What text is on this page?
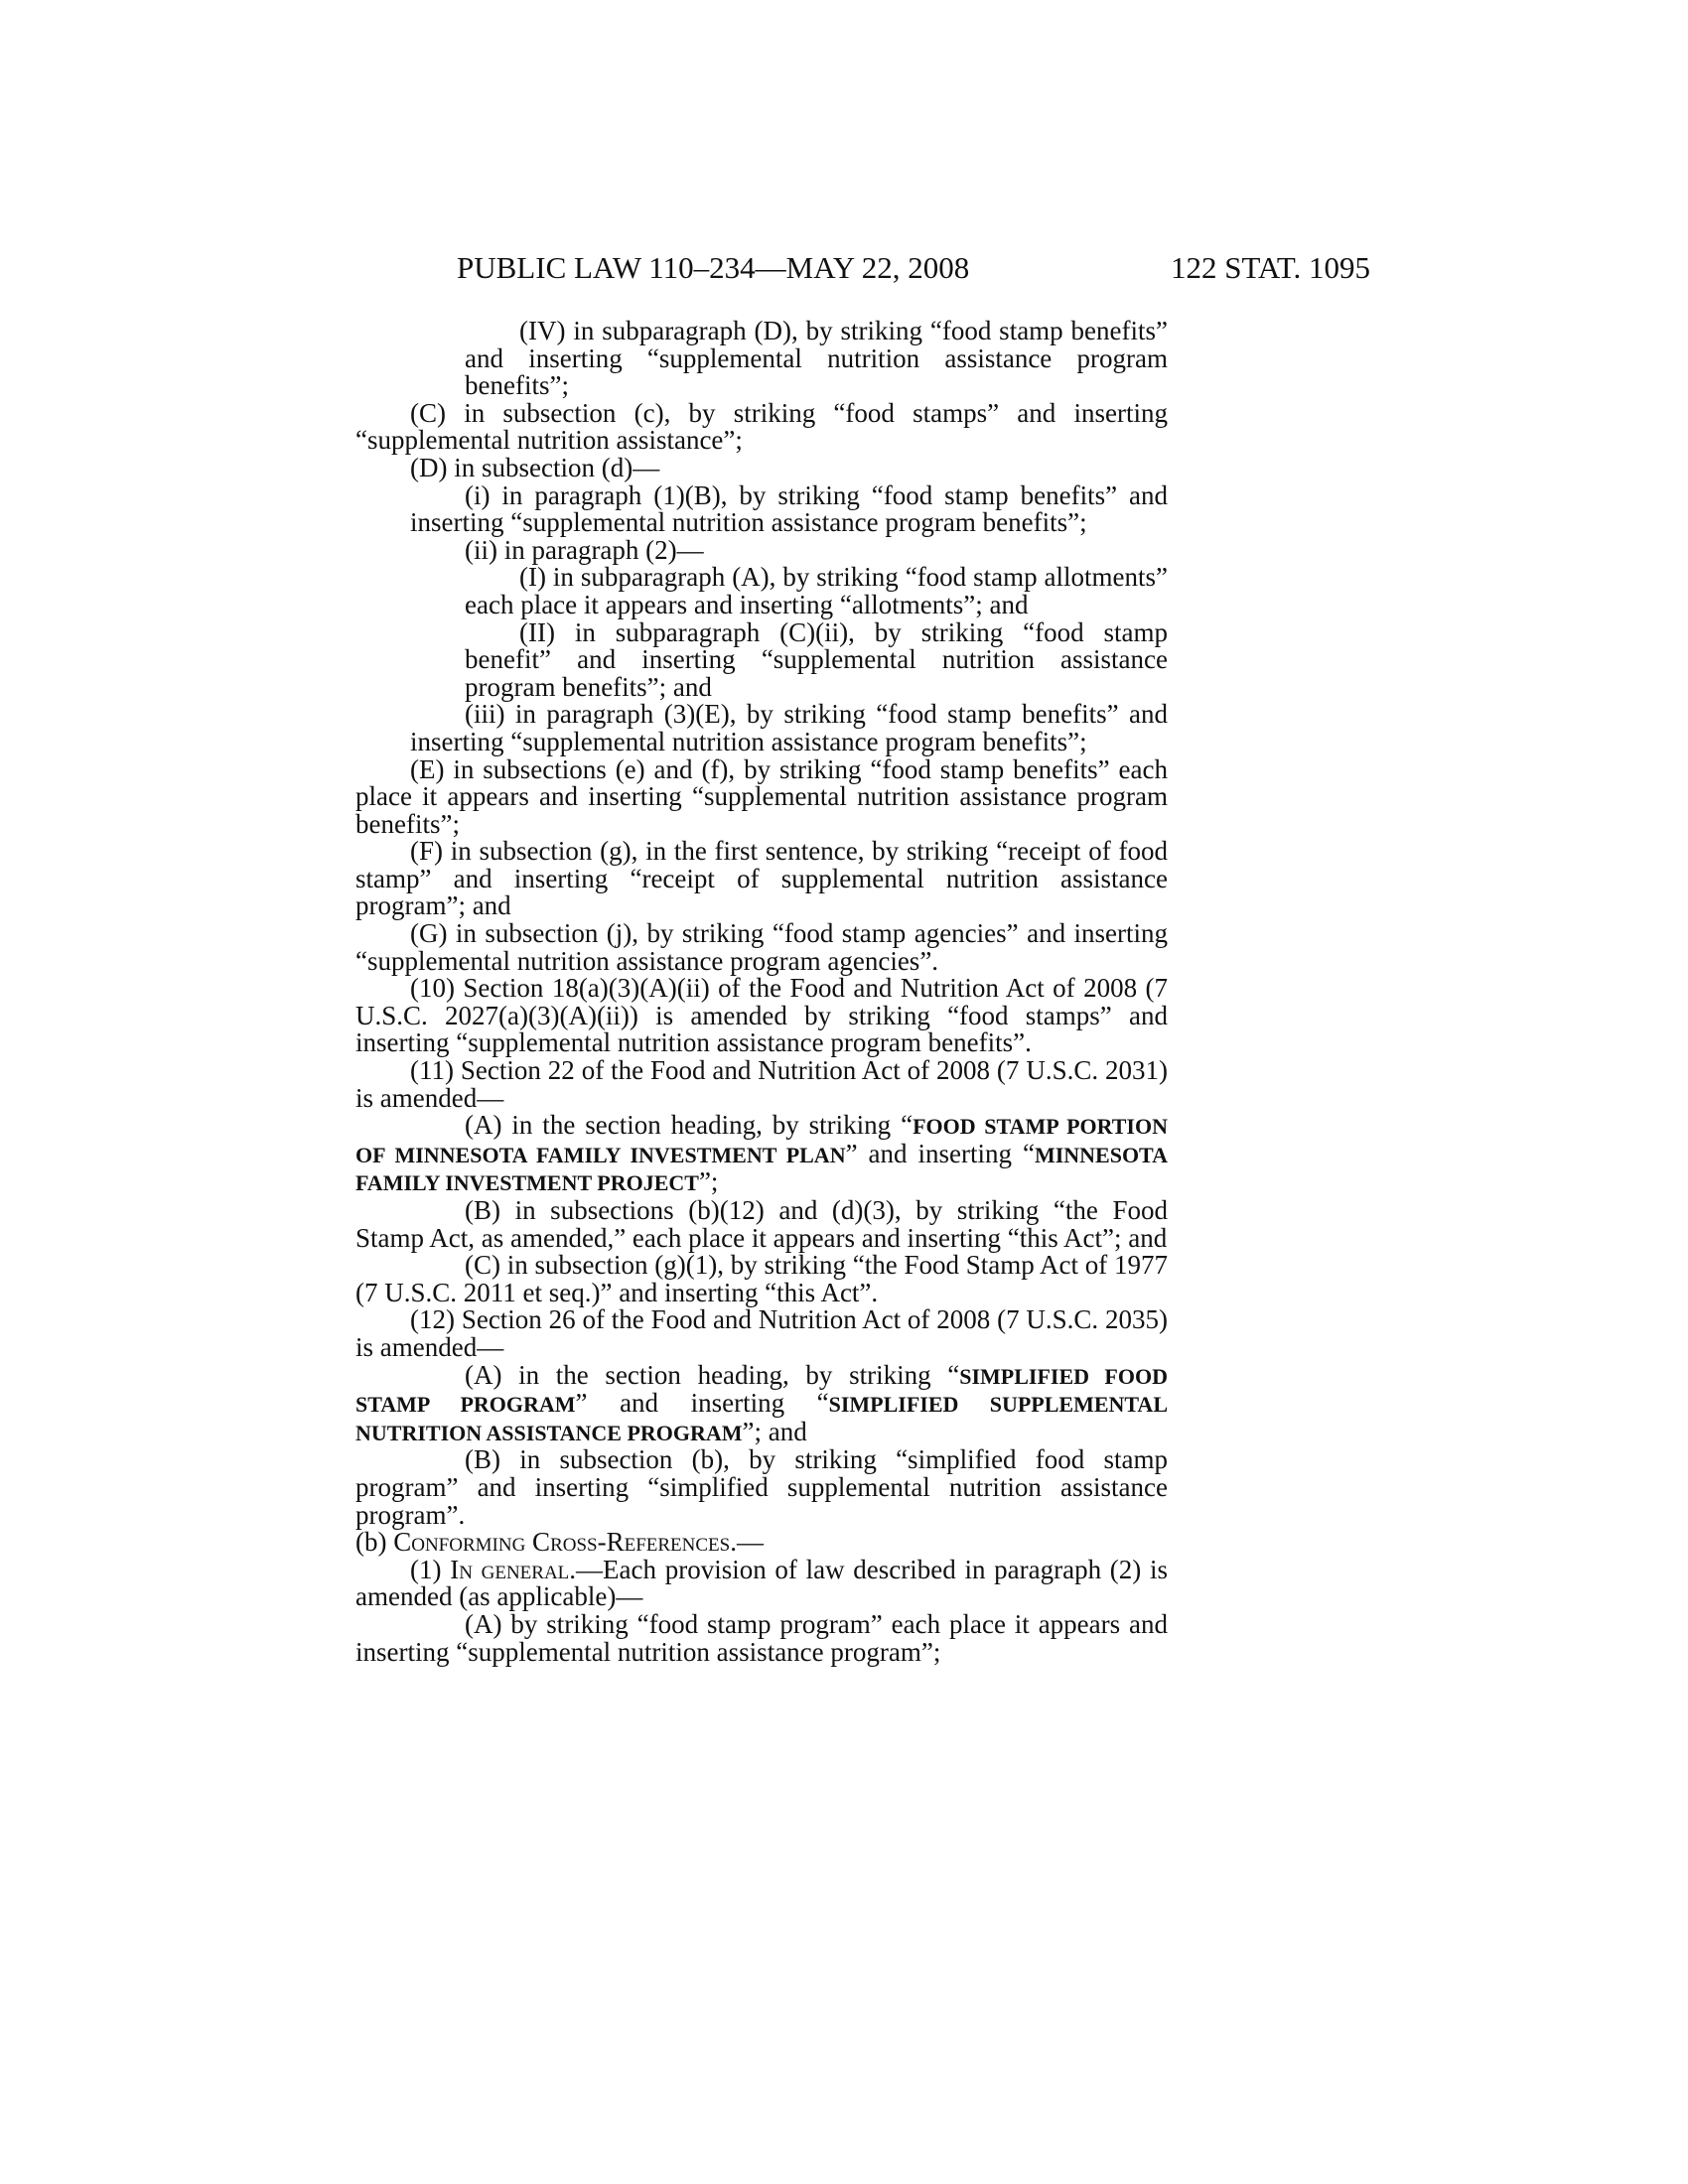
PUBLIC LAW 110–234—MAY 22, 2008	122 STAT. 1095

(IV) in subparagraph (D), by striking “food stamp benefits” and inserting “supplemental nutrition assistance program benefits”;

(C) in subsection (c), by striking “food stamps” and inserting “supplemental nutrition assistance”;

(D) in subsection (d)—

(i) in paragraph (1)(B), by striking “food stamp benefits” and inserting “supplemental nutrition assistance program benefits”;

(ii) in paragraph (2)—

(I) in subparagraph (A), by striking “food stamp allotments” each place it appears and inserting “allotments”; and

(II) in subparagraph (C)(ii), by striking “food stamp benefit” and inserting “supplemental nutrition assistance program benefits”; and

(iii) in paragraph (3)(E), by striking “food stamp benefits” and inserting “supplemental nutrition assistance program benefits”;

(E) in subsections (e) and (f), by striking “food stamp benefits” each place it appears and inserting “supplemental nutrition assistance program benefits”;

(F) in subsection (g), in the first sentence, by striking “receipt of food stamp” and inserting “receipt of supplemental nutrition assistance program”; and

(G) in subsection (j), by striking “food stamp agencies” and inserting “supplemental nutrition assistance program agencies”.

(10) Section 18(a)(3)(A)(ii) of the Food and Nutrition Act of 2008 (7 U.S.C. 2027(a)(3)(A)(ii)) is amended by striking “food stamps” and inserting “supplemental nutrition assistance program benefits”.

(11) Section 22 of the Food and Nutrition Act of 2008 (7 U.S.C. 2031) is amended—

(A) in the section heading, by striking “FOOD STAMP PORTION OF MINNESOTA FAMILY INVESTMENT PLAN” and inserting “MINNESOTA FAMILY INVESTMENT PROJECT”;

(B) in subsections (b)(12) and (d)(3), by striking “the Food Stamp Act, as amended,” each place it appears and inserting “this Act”; and

(C) in subsection (g)(1), by striking “the Food Stamp Act of 1977 (7 U.S.C. 2011 et seq.)” and inserting “this Act”.

(12) Section 26 of the Food and Nutrition Act of 2008 (7 U.S.C. 2035) is amended—

(A) in the section heading, by striking “SIMPLIFIED FOOD STAMP PROGRAM” and inserting “SIMPLIFIED SUPPLEMENTAL NUTRITION ASSISTANCE PROGRAM”; and

(B) in subsection (b), by striking “simplified food stamp program” and inserting “simplified supplemental nutrition assistance program”.

(b) Conforming Cross-References.—

(1) In general.—Each provision of law described in paragraph (2) is amended (as applicable)—

(A) by striking “food stamp program” each place it appears and inserting “supplemental nutrition assistance program”;
